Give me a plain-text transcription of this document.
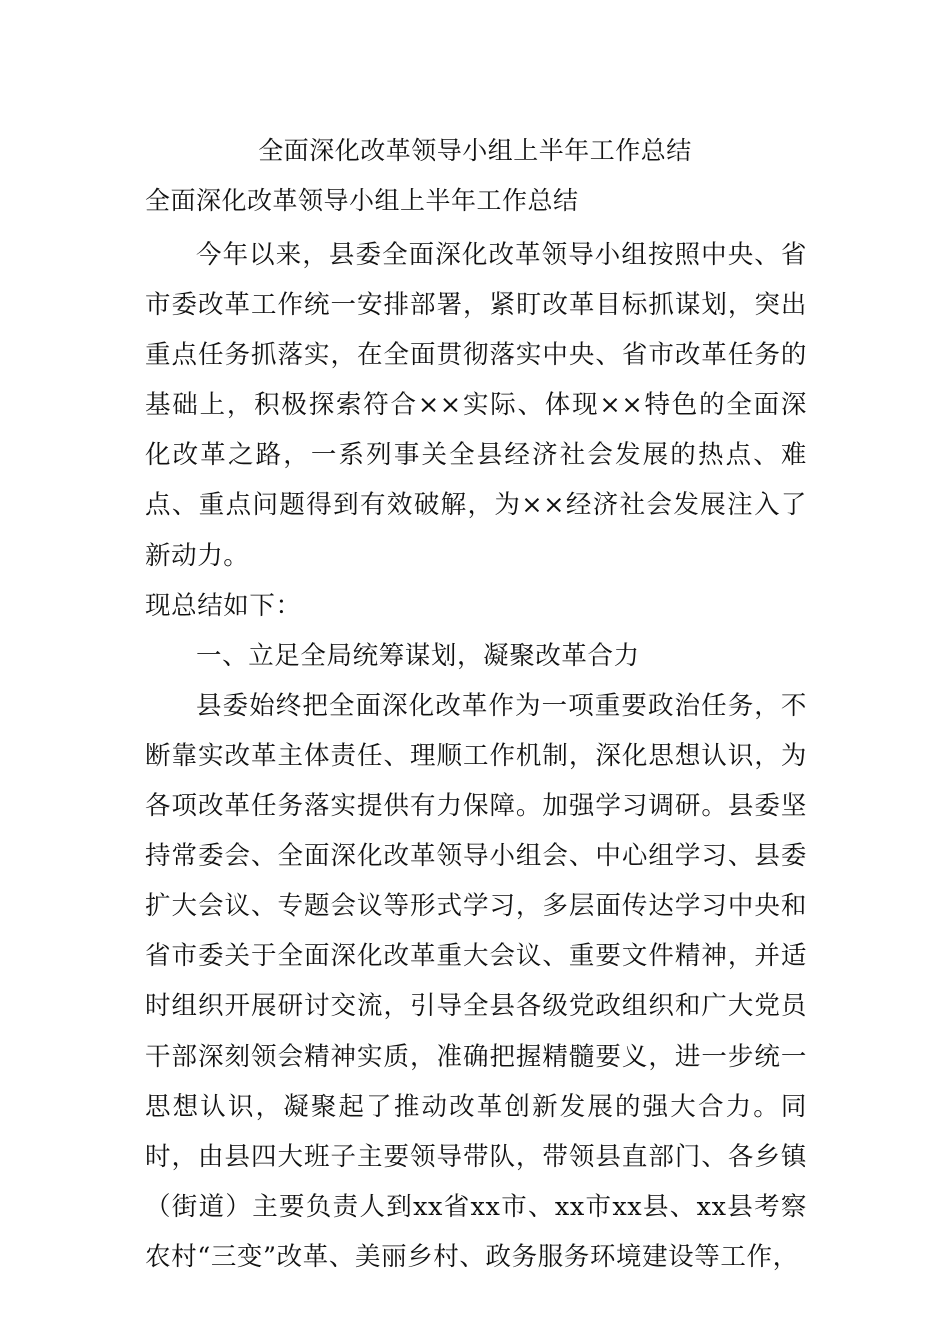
全面深化改革领导小组上半年工作总结
全面深化改革领导小组上半年工作总结

今年以来，县委全面深化改革领导小组按照中央、省市委改革工作统一安排部署，紧盯改革目标抓谋划，突出重点任务抓落实，在全面贯彻落实中央、省市改革任务的基础上，积极探索符合××实际、体现××特色的全面深化改革之路，一系列事关全县经济社会发展的热点、难点、重点问题得到有效破解，为××经济社会发展注入了新动力。

现总结如下：

一、立足全局统筹谋划，凝聚改革合力

县委始终把全面深化改革作为一项重要政治任务，不断靠实改革主体责任、理顺工作机制，深化思想认识，为各项改革任务落实提供有力保障。加强学习调研。县委坚持常委会、全面深化改革领导小组会、中心组学习、县委扩大会议、专题会议等形式学习，多层面传达学习中央和省市委关于全面深化改革重大会议、重要文件精神，并适时组织开展研讨交流，引导全县各级党政组织和广大党员干部深刻领会精神实质，准确把握精髓要义，进一步统一思想认识，凝聚起了推动改革创新发展的强大合力。同时，由县四大班子主要领导带队，带领县直部门、各乡镇（街道）主要负责人到xx省xx市、xx市xx县、xx县考察农村“三变”改革、美丽乡村、政务服务环境建设等工作，
